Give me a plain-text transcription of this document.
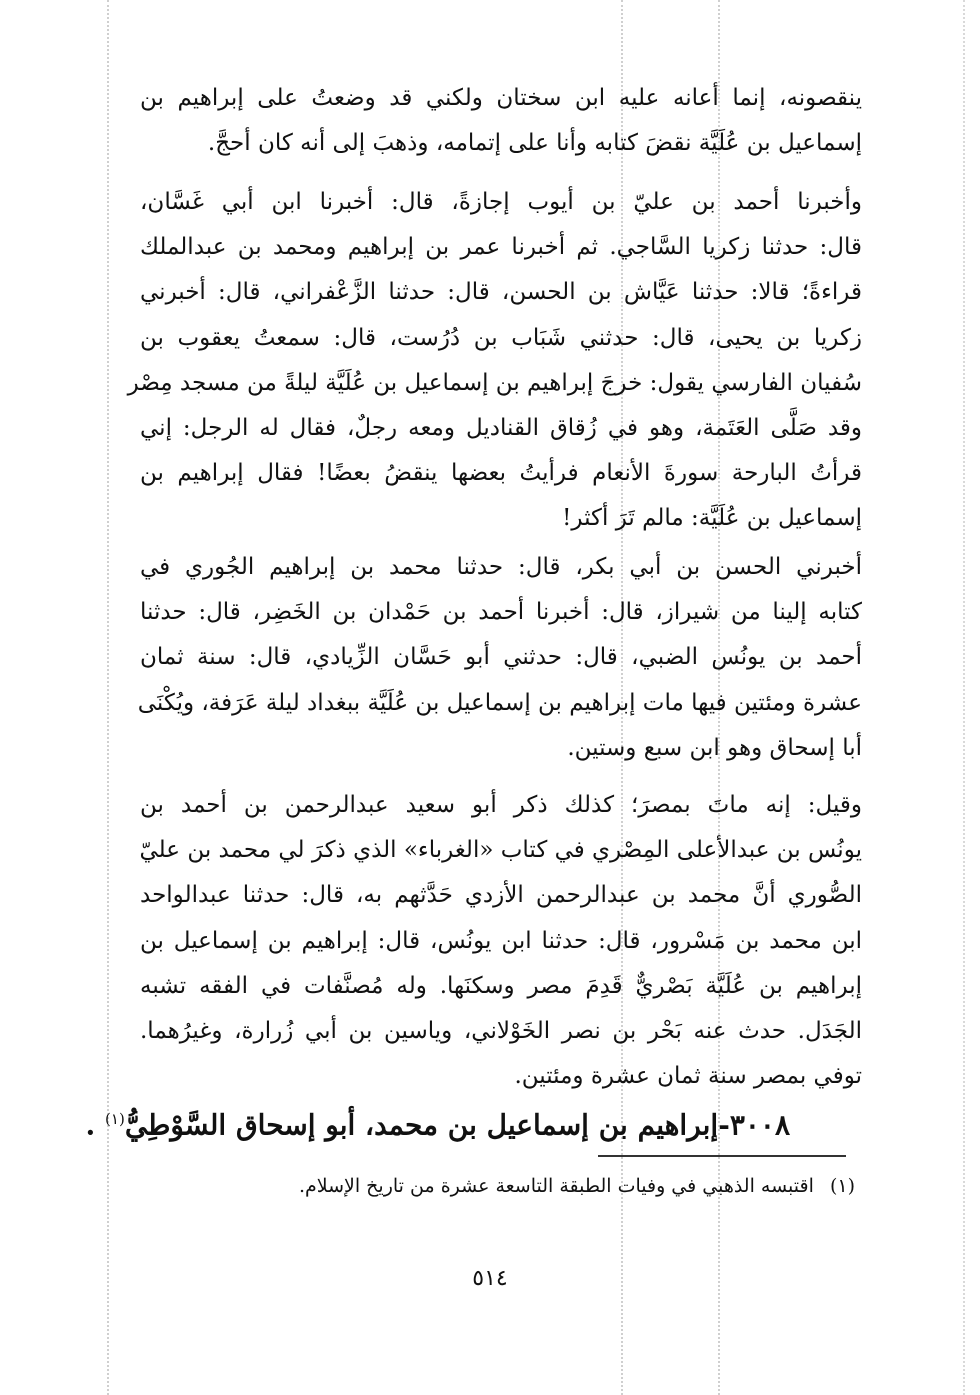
ينقصونه، إنما أعانه عليه ابن سختان ولكني قد وضعتُ على إبراهيم بن
إسماعيل بن عُلَيَّة نقضَ كتابه وأنا على إتمامه، وذهبَ إلى أنه كان أحجَّ.
وأخبرنا أحمد بن عليّ بن أيوب إجازةً، قال: أخبرنا ابن أبي غَسَّان،
قال: حدثنا زكريا السَّاجي. ثم أخبرنا عمر بن إبراهيم ومحمد بن عبدالملك
قراءةً؛ قالا: حدثنا عَيَّاش بن الحسن، قال: حدثنا الزَّعْفراني، قال: أخبرني
زكريا بن يحيى، قال: حدثني شَبَاب بن دُرُست، قال: سمعتُ يعقوب بن
سُفيان الفارسي يقول: خرجَ إبراهيم بن إسماعيل بن عُلَيَّة ليلةً من مسجد مِصْر
وقد صَلَّى العَتَمة، وهو في زُقاق القناديل ومعه رجلٌ، فقال له الرجل: إني
قرأتُ البارحة سورةَ الأنعام فرأيتُ بعضها ينقضُ بعضًا! فقال إبراهيم بن
إسماعيل بن عُلَيَّة: مالم تَرَ أكثر!
أخبرني الحسن بن أبي بكر، قال: حدثنا محمد بن إبراهيم الجُوري في
كتابه إلينا من شيراز، قال: أخبرنا أحمد بن حَمْدان بن الخَضِر، قال: حدثنا
أحمد بن يونُس الضبي، قال: حدثني أبو حَسَّان الزِّيادي، قال: سنة ثمان
عشرة ومئتين فيها مات إبراهيم بن إسماعيل بن عُلَيَّة ببغداد ليلة عَرَفة، ويُكْنَى
أبا إسحاق وهو ابن سبع وستين.
وقيل: إنه ماتَ بمصرَ؛ كذلك ذكر أبو سعيد عبدالرحمن بن أحمد بن
يونُس بن عبدالأعلى المِصْري في كتاب «الغرباء» الذي ذكرَ لي محمد بن عليّ
الصُّوري أنَّ محمد بن عبدالرحمن الأزدي حَدَّثهم به، قال: حدثنا عبدالواحد
ابن محمد بن مَسْرور، قال: حدثنا ابن يونُس، قال: إبراهيم بن إسماعيل بن
إبراهيم بن عُلَيَّة بَصْريٌّ قَدِمَ مصر وسكنَها. وله مُصنَّفات في الفقه تشبه
الجَدَل. حدث عنه بَحْر بن نصر الخَوْلاني، وياسين بن أبي زُرارة، وغيرُهما.
توفي بمصر سنة ثمان عشرة ومئتين.
٣٠٠٨-إبراهيم بن إسماعيل بن محمد، أبو إسحاق السَّوْطِيُّ$^{(١)}$ .
(١) اقتبسه الذهبي في وفيات الطبقة التاسعة عشرة من تاريخ الإسلام.
٥١٤
